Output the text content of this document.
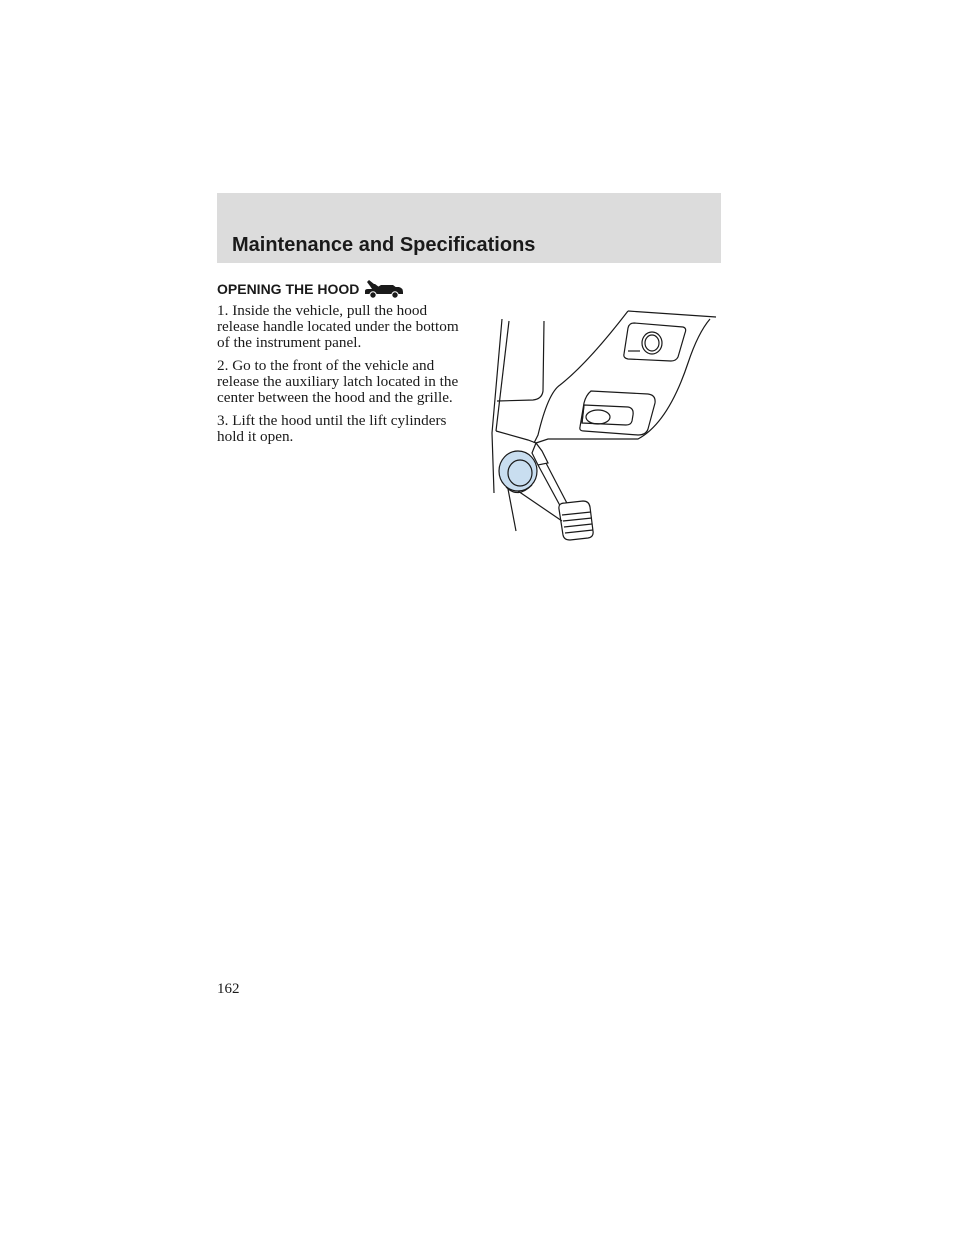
Maintenance and Specifications
OPENING THE HOOD

1. Inside the vehicle, pull the hood release handle located under the bottom of the instrument panel.

2. Go to the front of the vehicle and release the auxiliary latch located in the center between the hood and the grille.

3. Lift the hood until the lift cylinders hold it open.

162
